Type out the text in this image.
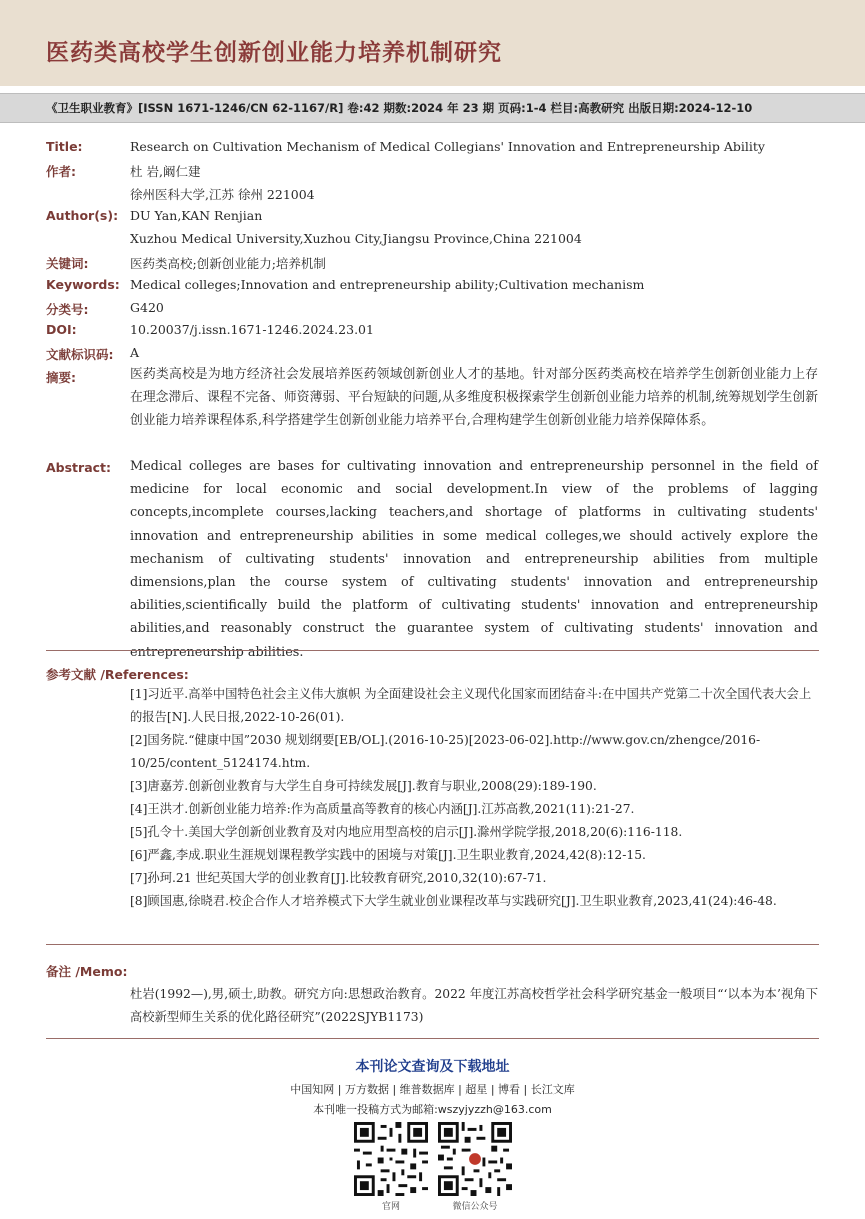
医药类高校学生创新创业能力培养机制研究
《卫生职业教育》[ISSN 1671-1246/CN 62-1167/R] 卷:42 期数:2024 年 23 期 页码:1-4 栏目:高教研究 出版日期:2024-12-10
Title:	Research on Cultivation Mechanism of Medical Collegians' Innovation and Entrepreneurship Ability
作者:	杜 岩,阚仁建
徐州医科大学,江苏 徐州 221004
Author(s): DU Yan,KAN Renjian
Xuzhou Medical University,Xuzhou City,Jiangsu Province,China 221004
关键词:	医药类高校;创新创业能力;培养机制
Keywords: Medical colleges;Innovation and entrepreneurship ability;Cultivation mechanism
分类号:	G420
DOI:	10.20037/j.issn.1671-1246.2024.23.01
文献标识码: A
摘要:	医药类高校是为地方经济社会发展培养医药领域创新创业人才的基地。针对部分医药类高校在培养学生创新创业能力上存在理念滞后、课程不完备、师资薄弱、平台短缺的问题,从多维度积极探索学生创新创业能力培养的机制,统筹规划学生创新创业能力培养课程体系,科学搭建学生创新创业能力培养平台,合理构建学生创新创业能力培养保障体系。
Abstract: Medical colleges are bases for cultivating innovation and entrepreneurship personnel in the field of medicine for local economic and social development.In view of the problems of lagging concepts,incomplete courses,lacking teachers,and shortage of platforms in cultivating students' innovation and entrepreneurship abilities in some medical colleges,we should actively explore the mechanism of cultivating students' innovation and entrepreneurship abilities from multiple dimensions,plan the course system of cultivating students' innovation and entrepreneurship abilities,scientifically build the platform of cultivating students' innovation and entrepreneurship abilities,and reasonably construct the guarantee system of cultivating students' innovation and entrepreneurship abilities.
参考文献 /References:
[1]习近平.高举中国特色社会主义伟大旗帜 为全面建设社会主义现代化国家而团结奋斗:在中国共产党第二十次全国代表大会上的报告[N].人民日报,2022-10-26(01).
[2]国务院.“健康中国”2030 规划纲要[EB/OL].(2016-10-25)[2023-06-02].http://www.gov.cn/zhengce/2016-10/25/content_5124174.htm.
[3]唐嘉芳.创新创业教育与大学生自身可持续发展[J].教育与职业,2008(29):189-190.
[4]王洪才.创新创业能力培养:作为高质量高等教育的核心内涵[J].江苏高教,2021(11):21-27.
[5]孔令十.美国大学创新创业教育及对内地应用型高校的启示[J].滁州学院学报,2018,20(6):116-118.
[6]严鑫,李成.职业生涯规划课程教学实践中的困境与对策[J].卫生职业教育,2024,42(8):12-15.
[7]孙珂.21 世纪英国大学的创业教育[J].比较教育研究,2010,32(10):67-71.
[8]顾国惠,徐晓君.校企合作人才培养模式下大学生就业创业课程改革与实践研究[J].卫生职业教育,2023,41(24):46-48.
备注 /Memo:
杜岩(1992—),男,硕士,助教。研究方向:思想政治教育。2022 年度江苏高校哲学社会科学研究基金一般项目“‘以本为本’视角下高校新型师生关系的优化路径研究”(2022SJYB1173)
本刊论文查询及下载地址
中国知网 | 万方数据 | 维普数据库 | 超星 | 博看 | 长江文库
本刊唯一投稿方式为邮箱:wszyjyzzh@163.com
官网	微信公众号
